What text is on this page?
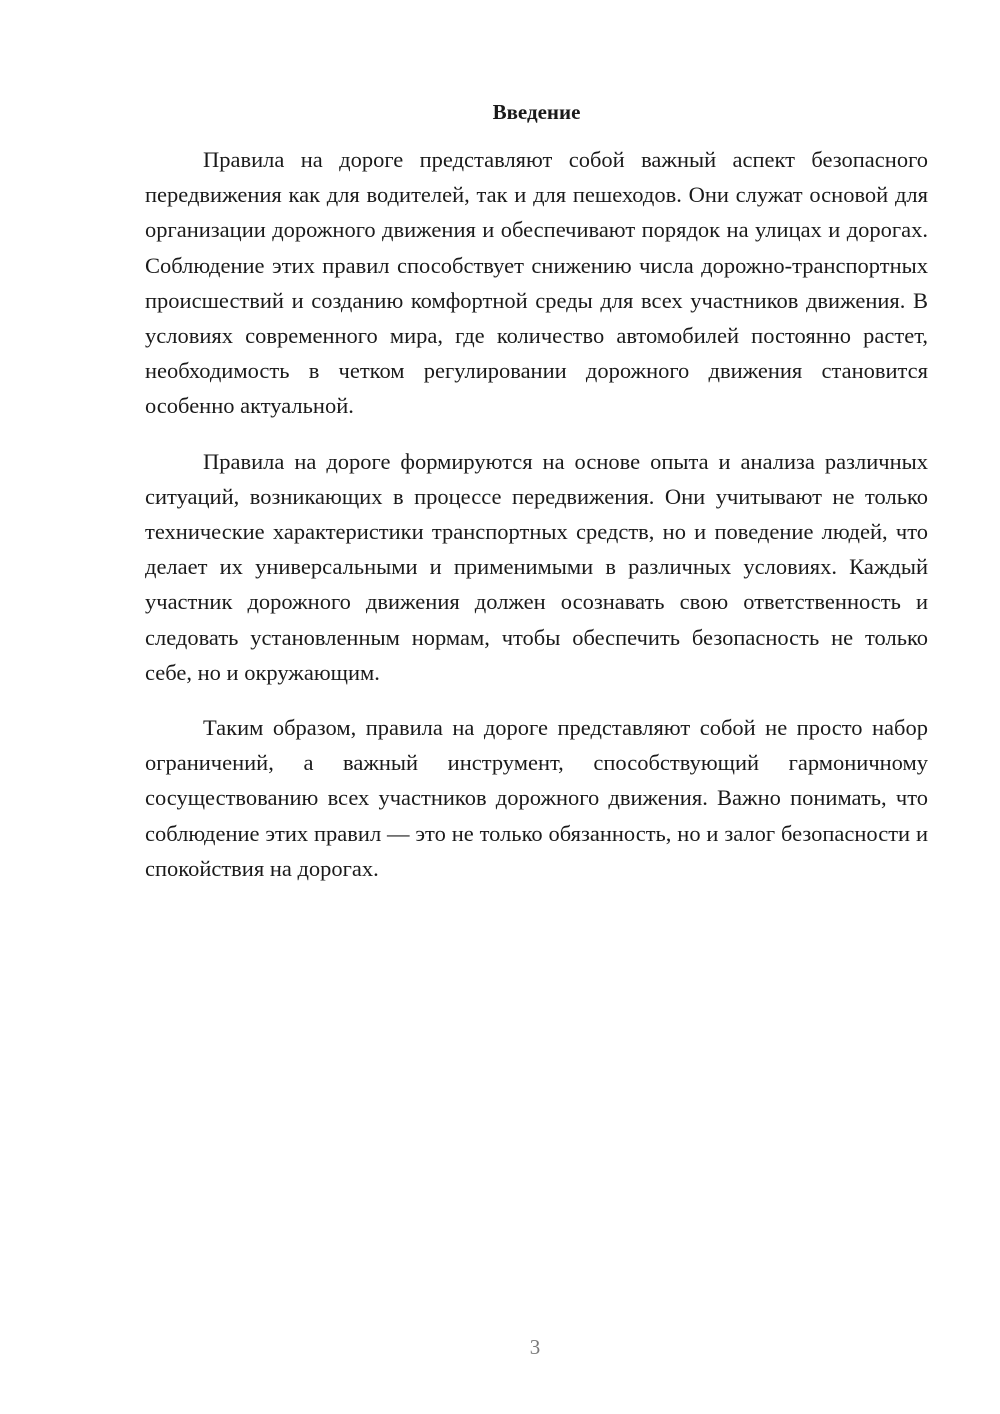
Введение

Правила на дороге представляют собой важный аспект безопасного передвижения как для водителей, так и для пешеходов. Они служат основой для организации дорожного движения и обеспечивают порядок на улицах и дорогах. Соблюдение этих правил способствует снижению числа дорожно-транспортных происшествий и созданию комфортной среды для всех участников движения. В условиях современного мира, где количество автомобилей постоянно растет, необходимость в четком регулировании дорожного движения становится особенно актуальной.

Правила на дороге формируются на основе опыта и анализа различных ситуаций, возникающих в процессе передвижения. Они учитывают не только технические характеристики транспортных средств, но и поведение людей, что делает их универсальными и применимыми в различных условиях. Каждый участник дорожного движения должен осознавать свою ответственность и следовать установленным нормам, чтобы обеспечить безопасность не только себе, но и окружающим.

Таким образом, правила на дороге представляют собой не просто набор ограничений, а важный инструмент, способствующий гармоничному сосуществованию всех участников дорожного движения. Важно понимать, что соблюдение этих правил — это не только обязанность, но и залог безопасности и спокойствия на дорогах.

3
